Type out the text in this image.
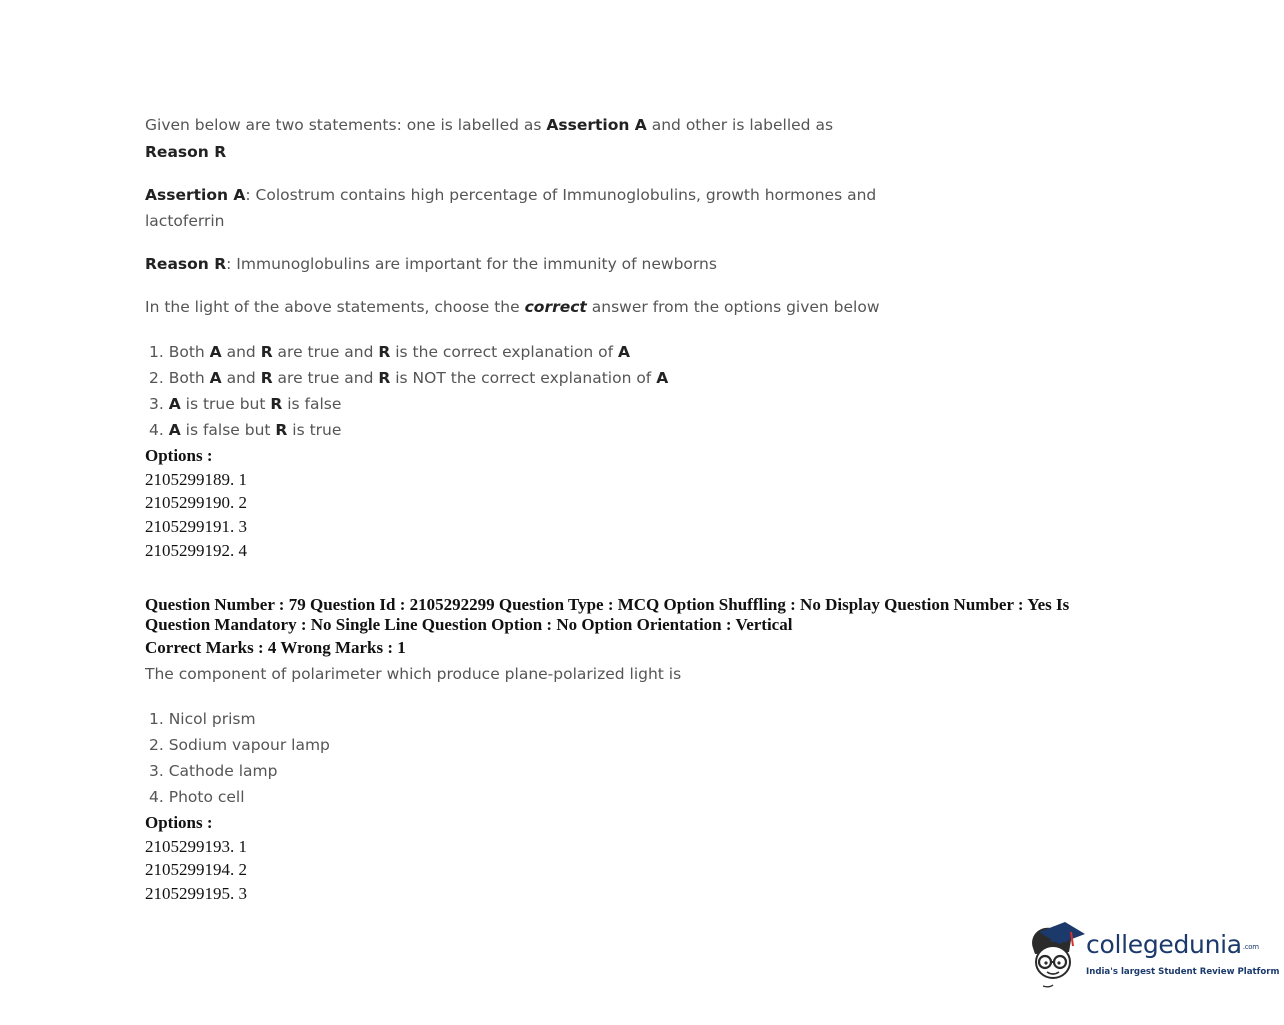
Given below are two statements: one is labelled as Assertion A and other is labelled as
Reason R
Assertion A: Colostrum contains high percentage of Immunoglobulins, growth hormones and
lactoferrin
Reason R: Immunoglobulins are important for the immunity of newborns
In the light of the above statements, choose the correct answer from the options given below
1. Both A and R are true and R is the correct explanation of A
2. Both A and R are true and R is NOT the correct explanation of A
3. A is true but R is false
4. A is false but R is true
Options :
2105299189. 1
2105299190. 2
2105299191. 3
2105299192. 4
Question Number : 79 Question Id : 2105292299 Question Type : MCQ Option Shuffling : No Display Question Number : Yes Is
Question Mandatory : No Single Line Question Option : No Option Orientation : Vertical
Correct Marks : 4 Wrong Marks : 1
The component of polarimeter which produce plane-polarized light is
1. Nicol prism
2. Sodium vapour lamp
3. Cathode lamp
4. Photo cell
Options :
2105299193. 1
2105299194. 2
2105299195. 3
collegedunia.com
India's largest Student Review Platform
